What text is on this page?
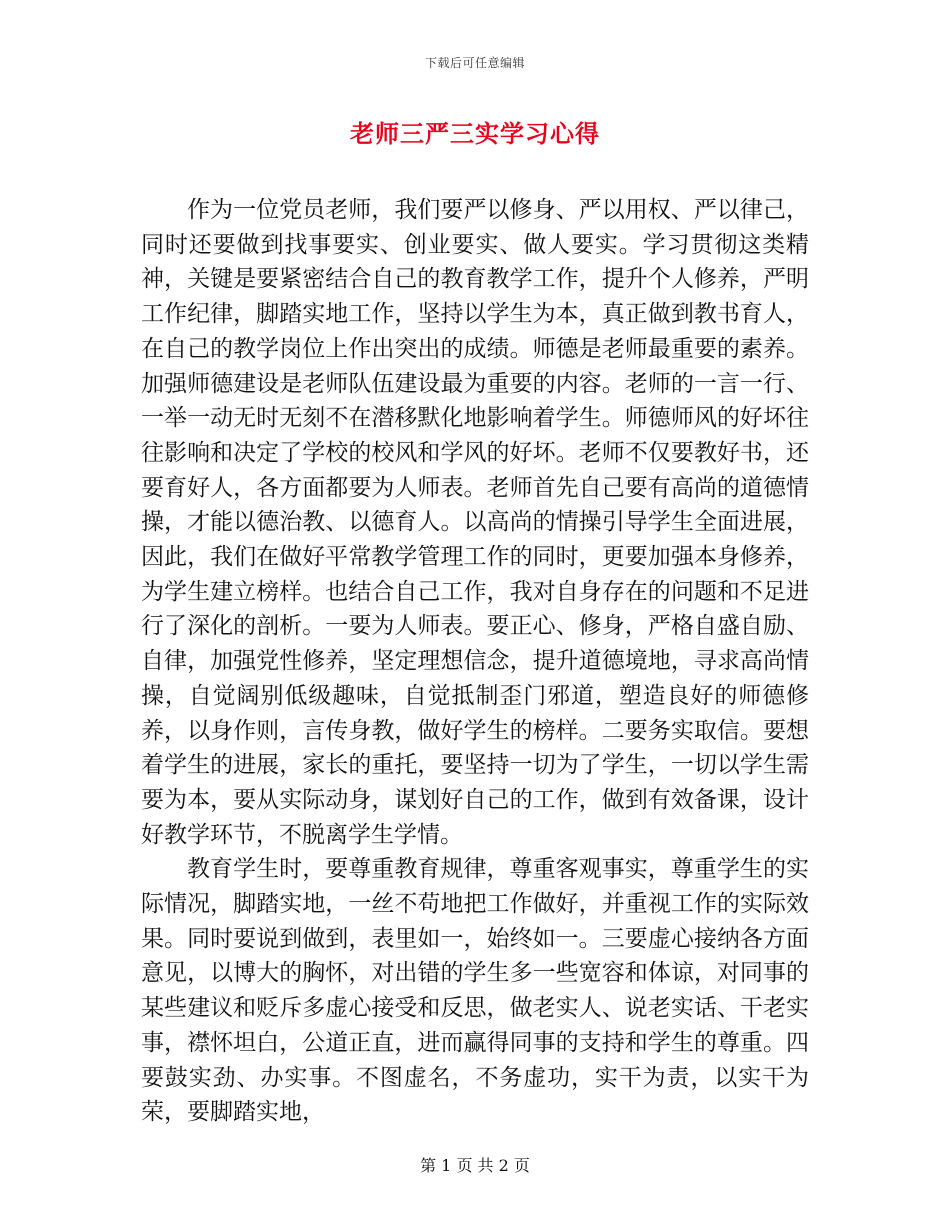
下载后可任意编辑
老师三严三实学习心得

作为一位党员老师，我们要严以修身、严以用权、严以律己，同时还要做到找事要实、创业要实、做人要实。学习贯彻这类精神，关键是要紧密结合自己的教育教学工作，提升个人修养，严明工作纪律，脚踏实地工作，坚持以学生为本，真正做到教书育人，在自己的教学岗位上作出突出的成绩。师德是老师最重要的素养。加强师德建设是老师队伍建设最为重要的内容。老师的一言一行、一举一动无时无刻不在潜移默化地影响着学生。师德师风的好坏往往影响和决定了学校的校风和学风的好坏。老师不仅要教好书，还要育好人，各方面都要为人师表。老师首先自己要有高尚的道德情操，才能以德治教、以德育人。以高尚的情操引导学生全面进展，因此，我们在做好平常教学管理工作的同时，更要加强本身修养，为学生建立榜样。也结合自己工作，我对自身存在的问题和不足进行了深化的剖析。一要为人师表。要正心、修身，严格自盛自励、自律，加强党性修养，坚定理想信念，提升道德境地，寻求高尚情操，自觉阔别低级趣味，自觉抵制歪门邪道，塑造良好的师德修养，以身作则，言传身教，做好学生的榜样。二要务实取信。要想着学生的进展，家长的重托，要坚持一切为了学生，一切以学生需要为本，要从实际动身，谋划好自己的工作，做到有效备课，设计好教学环节，不脱离学生学情。

教育学生时，要尊重教育规律，尊重客观事实，尊重学生的实际情况，脚踏实地，一丝不苟地把工作做好，并重视工作的实际效果。同时要说到做到，表里如一，始终如一。三要虚心接纳各方面意见，以博大的胸怀，对出错的学生多一些宽容和体谅，对同事的某些建议和贬斥多虚心接受和反思，做老实人、说老实话、干老实事，襟怀坦白，公道正直，进而赢得同事的支持和学生的尊重。四要鼓实劲、办实事。不图虚名，不务虚功，实干为责，以实干为荣，要脚踏实地，

第 1 页 共 2 页
